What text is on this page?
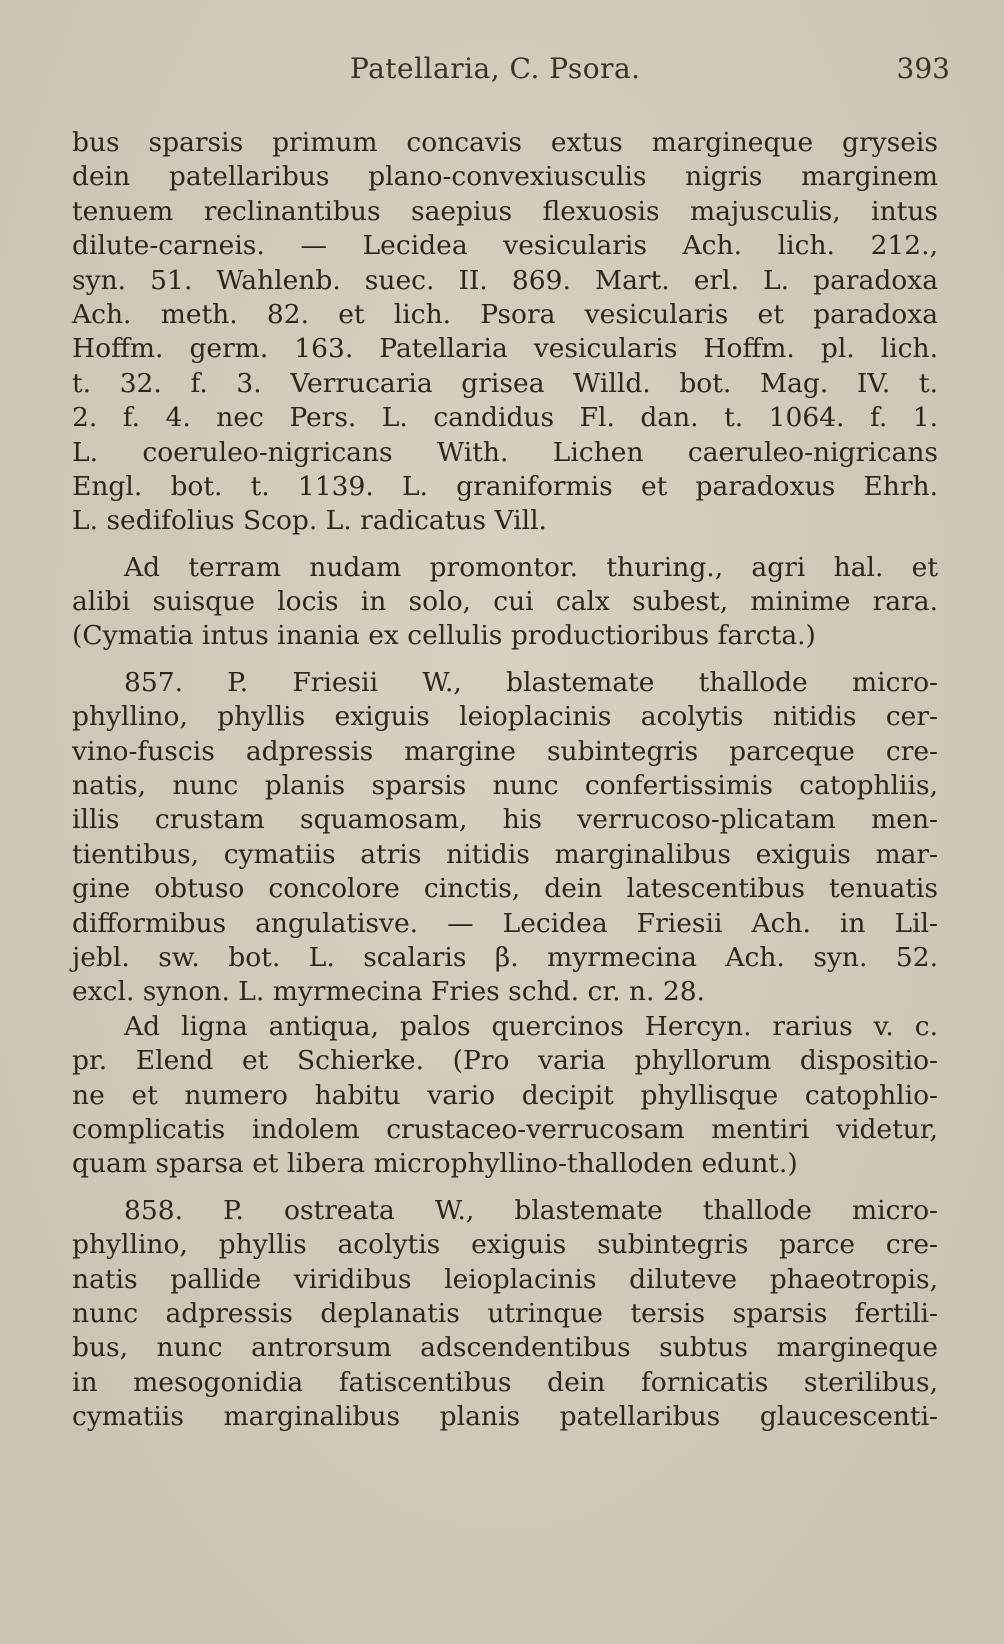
Patellaria, C. Psora.	393
bus sparsis primum concavis extus margineque gryseis
dein patellaribus plano-convexiusculis nigris marginem
tenuem reclinantibus saepius flexuosis majusculis, intus
dilute-carneis. — Lecidea vesicularis Ach. lich. 212.,
syn. 51. Wahlenb. suec. II. 869. Mart. erl. L. paradoxa
Ach. meth. 82. et lich. Psora vesicularis et paradoxa
Hoffm. germ. 163. Patellaria vesicularis Hoffm. pl. lich.
t. 32. f. 3. Verrucaria grisea Willd. bot. Mag. IV. t.
2. f. 4. nec Pers. L. candidus Fl. dan. t. 1064. f. 1.
L. coeruleo-nigricans With. Lichen caeruleo-nigricans
Engl. bot. t. 1139. L. graniformis et paradoxus Ehrh.
L. sedifolius Scop. L. radicatus Vill.
Ad terram nudam promontor. thuring., agri hal. et
alibi suisque locis in solo, cui calx subest, minime rara.
(Cymatia intus inania ex cellulis productioribus farcta.)
857. P. Friesii W., blastemate thallode micro-
phyllino, phyllis exiguis leioplacinis acolytis nitidis cer-
vino-fuscis adpressis margine subintegris parceque cre-
natis, nunc planis sparsis nunc confertissimis catophliis,
illis crustam squamosam, his verrucoso-plicatam men-
tientibus, cymatiis atris nitidis marginalibus exiguis mar-
gine obtuso concolore cinctis, dein latescentibus tenuatis
difformibus angulatisve. — Lecidea Friesii Ach. in Lil-
jebl. sw. bot. L. scalaris β. myrmecina Ach. syn. 52.
excl. synon. L. myrmecina Fries schd. cr. n. 28.
Ad ligna antiqua, palos quercinos Hercyn. rarius v. c.
pr. Elend et Schierke. (Pro varia phyllorum dispositio-
ne et numero habitu vario decipit phyllisque catophlio-
complicatis indolem crustaceo-verrucosam mentiri videtur,
quam sparsa et libera microphyllino-thalloden edunt.)
858. P. ostreata W., blastemate thallode micro-
phyllino, phyllis acolytis exiguis subintegris parce cre-
natis pallide viridibus leioplacinis diluteve phaeotropis,
nunc adpressis deplanatis utrinque tersis sparsis fertili-
bus, nunc antrorsum adscendentibus subtus margineque
in mesogonidia fatiscentibus dein fornicatis sterilibus,
cymatiis marginalibus planis patellaribus glaucescenti-
